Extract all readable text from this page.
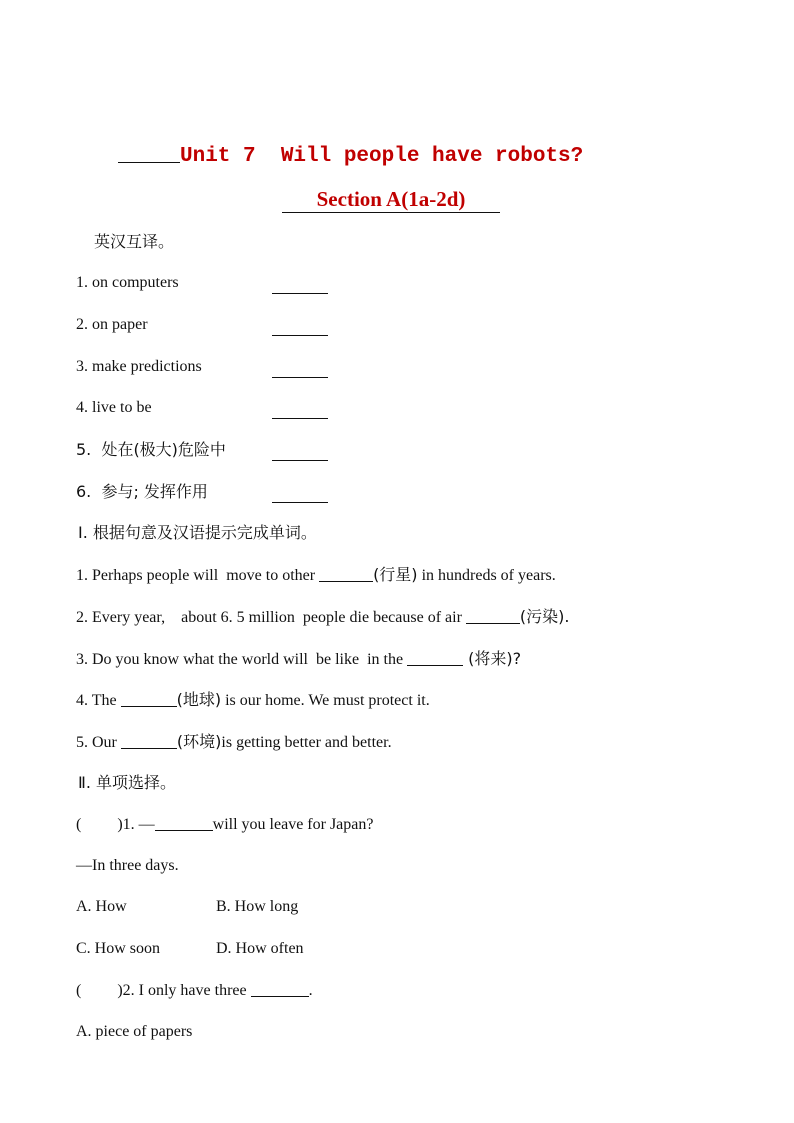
Unit 7  Will people have robots?
Section A(1a-2d)
英汉互译。
1. on computers
2. on paper
3. make predictions
4. live to be
5.  处在(极大)危险中
6.  参与; 发挥作用
Ⅰ. 根据句意及汉语提示完成单词。
1. Perhaps people will  move to other	(行星) in hundreds of years.
2. Every year,    about 6. 5 million  people die because of air	(污染).
3. Do you know what the world will  be like  in the	(将来)?
4. The	(地球) is our home. We must protect it.
5. Our	(环境)is getting better and better.
Ⅱ. 单项选择。
(         )1. —	will you leave for Japan?
—In three days.
A. How	B. How long
C. How soon	D. How often
(         )2. I only have three	.
A. piece of papers
